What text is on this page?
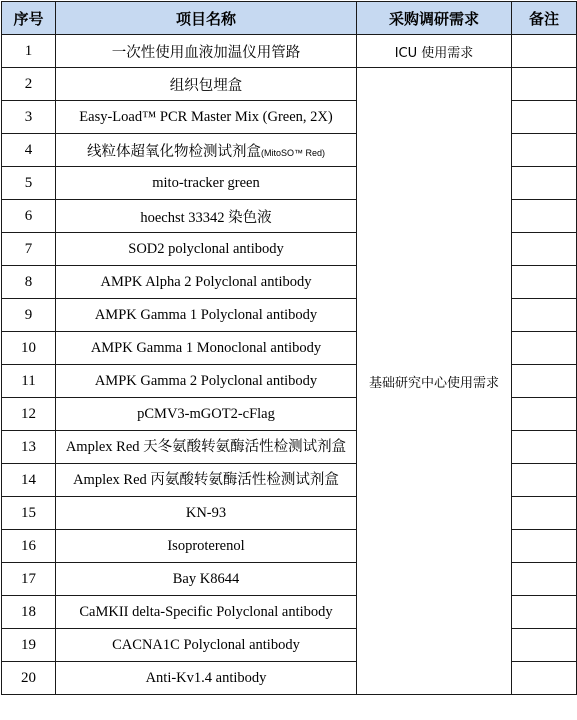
序号	项目名称	采购调研需求	备注
1	一次性使用血液加温仪用管路	ICU 使用需求	
2	组织包埋盒	基础研究中心使用需求	
3	Easy-Load™ PCR Master Mix (Green, 2X)		
4	线粒体超氧化物检测试剂盒(MitoSO™ Red)		
5	mito-tracker green		
6	hoechst 33342 染色液		
7	SOD2 polyclonal antibody		
8	AMPK Alpha 2 Polyclonal antibody		
9	AMPK Gamma 1 Polyclonal antibody		
10	AMPK Gamma 1 Monoclonal antibody		
11	AMPK Gamma 2 Polyclonal antibody		
12	pCMV3-mGOT2-cFlag		
13	Amplex Red 天冬氨酸转氨酶活性检测试剂盒		
14	Amplex Red 丙氨酸转氨酶活性检测试剂盒		
15	KN-93		
16	Isoproterenol		
17	Bay K8644		
18	CaMKII delta-Specific Polyclonal antibody		
19	CACNA1C Polyclonal antibody		
20	Anti-Kv1.4 antibody		
